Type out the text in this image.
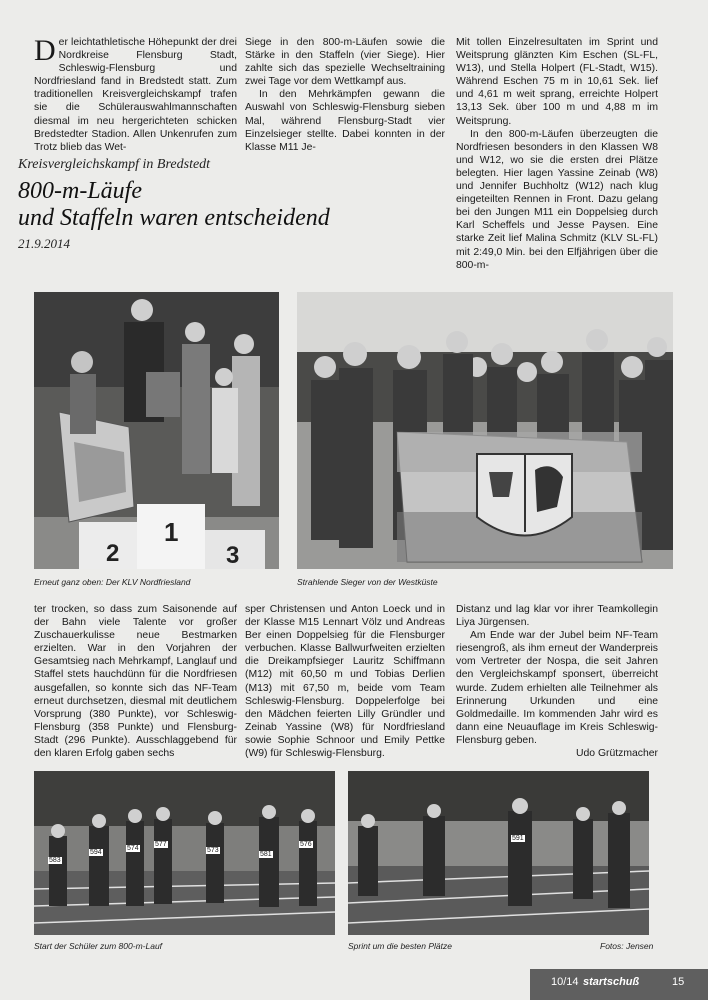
D er leichtathletische Höhepunkt der drei Nordkreise Flensburg Stadt, Schleswig-Flensburg und Nordfriesland fand in Bredstedt statt. Zum traditionellen Kreisvergleichskampf trafen sie die Schülerauswahlmannschaften diesmal im neu hergerichteten schicken Bredstedter Stadion. Allen Unkenrufen zum Trotz blieb das Wet-

Siege in den 800-m-Läufen sowie die Stärke in den Staffeln (vier Siege). Hier zahlte sich das spezielle Wechseltraining zwei Tage vor dem Wettkampf aus.

In den Mehrkämpfen gewann die Auswahl von Schleswig-Flensburg sieben Mal, während Flensburg-Stadt vier Einzelsieger stellte. Dabei konnten in der Klasse M11 Je-

Mit tollen Einzelresultaten im Sprint und Weitsprung glänzten Kim Eschen (SL-FL, W13), und Stella Holpert (FL-Stadt, W15). Während Eschen 75 m in 10,61 Sek. lief und 4,61 m weit sprang, erreichte Holpert 13,13 Sek. über 100 m und 4,88 m im Weitsprung.

In den 800-m-Läufen überzeugten die Nordfriesen besonders in den Klassen W8 und W12, wo sie die ersten drei Plätze belegten. Hier lagen Yassine Zeinab (W8) und Jennifer Buchholtz (W12) nach klug eingeteilten Rennen in Front. Dazu gelang bei den Jungen M11 ein Doppelsieg durch Karl Scheffels und Jesse Paysen. Eine starke Zeit lief Malina Schmitz (KLV SL-FL) mit 2:49,0 Min. bei den Elfjährigen über die 800-m-

Kreisvergleichskampf in Bredstedt
800-m-Läufe
und Staffeln waren entscheidend
21.9.2014
2
1
3
Erneut ganz oben: Der KLV Nordfriesland	Strahlende Sieger von der Westküste

ter trocken, so dass zum Saisonende auf der Bahn viele Talente vor großer Zuschauerkulisse neue Bestmarken erzielten. War in den Vorjahren der Gesamtsieg nach Mehrkampf, Langlauf und Staffel stets hauchdünn für die Nordfriesen ausgefallen, so konnte sich das NF-Team erneut durchsetzen, diesmal mit deutlichem Vorsprung (380 Punkte), vor Schleswig-Flensburg (358 Punkte) und Flensburg-Stadt (296 Punkte). Ausschlaggebend für den klaren Erfolg gaben sechs

sper Christensen und Anton Loeck und in der Klasse M15 Lennart Völz und Andreas Ber einen Doppelsieg für die Flensburger verbuchen. Klasse Ballwurfweiten erzielten die Dreikampfsieger Lauritz Schiffmann (M12) mit 60,50 m und Tobias Derlien (M13) mit 67,50 m, beide vom Team Schleswig-Flensburg. Doppelerfolge bei den Mädchen feierten Lilly Gründler und Zeinab Yassine (W8) für Nordfriesland sowie Sophie Schnoor und Emily Pettke (W9) für Schleswig-Flensburg.

Distanz und lag klar vor ihrer Teamkollegin Liya Jürgensen.

Am Ende war der Jubel beim NF-Team riesengroß, als ihm erneut der Wanderpreis vom Vertreter der Nospa, die seit Jahren den Vergleichskampf sponsert, überreicht wurde. Zudem erhielten alle Teilnehmer als Erinnerung Urkunden und eine Goldmedaille. Im kommenden Jahr wird es dann eine Neuauflage im Kreis Schleswig-Flensburg geben.

Udo Grützmacher

583
594
574
577
573
581
576
Start der Schüler zum 800-m-Lauf
591
Sprint um die besten Plätze	Fotos: Jensen
10/14 startschuß	15
